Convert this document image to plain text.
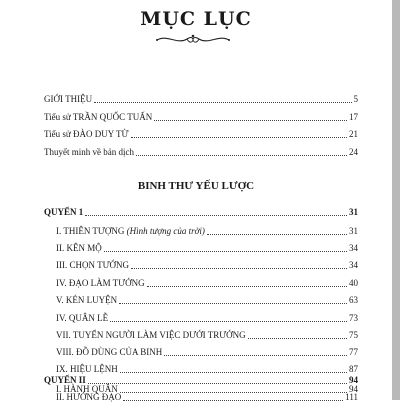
MỤC LỤC
GIỚI THIỆU	5
Tiểu sử TRẦN QUỐC TUẤN	17
Tiểu sử ĐÀO DUY TỪ	21
Thuyết minh về bản dịch	24
BINH THƯ YẾU LƯỢC
QUYỂN 1	31
I. THIÊN TƯỢNG (Hình tượng của trời)	31
II. KÊN MỘ	34
III. CHỌN TƯỚNG	34
IV. ĐẠO LÀM TƯỚNG	40
V. KÉN LUYỆN	63
IV. QUÂN LỄ	73
VII. TUYỂN NGƯỜI LÀM VIỆC DƯỚI TRƯỚNG	75
VIII. ĐỒ DÙNG CỦA BINH	77
IX. HIỆU LỆNH	87
QUYỂN II	94
I. HÀNH QUÂN	94
II. HƯỚNG ĐẠO	111
